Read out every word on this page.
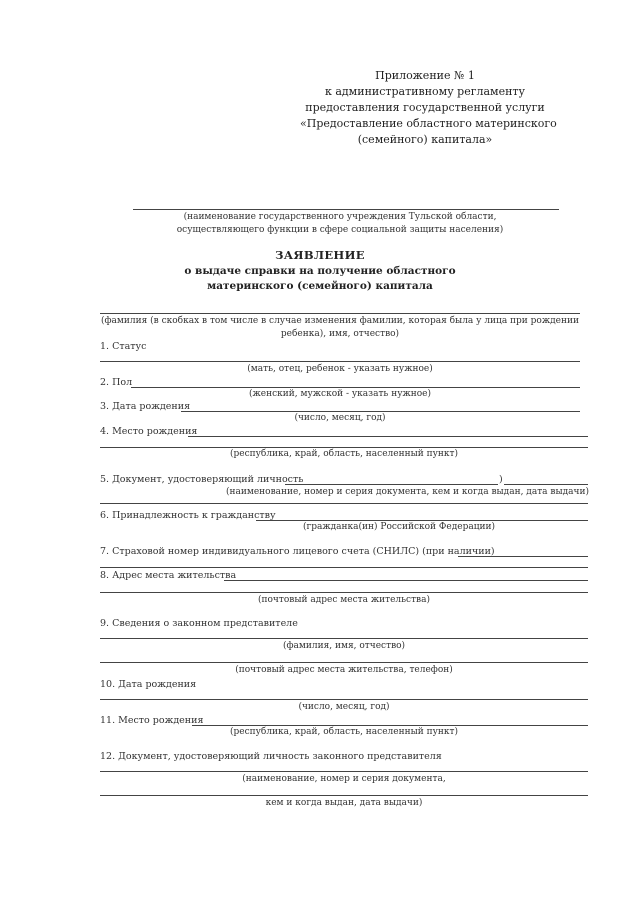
Приложение № 1
к административному регламенту
предоставления государственной услуги
«Предоставление областного материнского
(семейного) капитала»
(наименование государственного учреждения Тульской области,
осуществляющего функции в сфере социальной защиты населения)
ЗАЯВЛЕНИЕ
о выдаче справки на получение областного
материнского (семейного) капитала
(фамилия (в скобках в том числе в случае изменения фамилии, которая была у лица при рождении
ребенка), имя, отчество)
1. Статус
(мать, отец, ребенок - указать нужное)
2. Пол
(женский, мужской - указать нужное)
3. Дата рождения
(число, месяц, год)
4. Место рождения
(республика, край, область, населенный пункт)
5. Документ, удостоверяющий личность	)
(наименование, номер и серия документа, кем и когда выдан, дата выдачи)
6. Принадлежность к гражданству
(гражданка(ин) Российской Федерации)
7. Страховой номер индивидуального лицевого счета (СНИЛС) (при наличии)
8. Адрес места жительства
(почтовый адрес места жительства)
9. Сведения о законном представителе
(фамилия, имя, отчество)
(почтовый адрес места жительства, телефон)
10. Дата рождения
(число, месяц, год)
11. Место рождения
(республика, край, область, населенный пункт)
12. Документ, удостоверяющий личность законного представителя
(наименование, номер и серия документа,
кем и когда выдан, дата выдачи)
